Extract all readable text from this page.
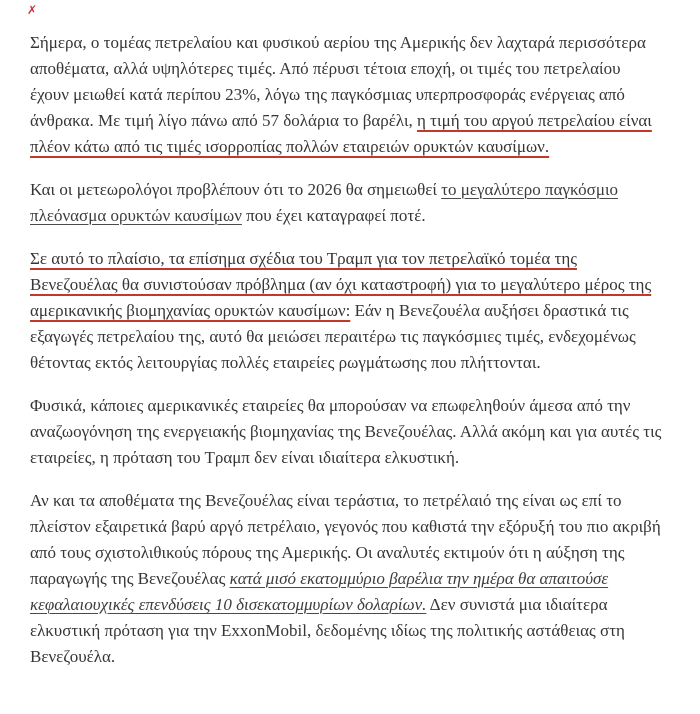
✗

Σήμερα, ο τομέας πετρελαίου και φυσικού αερίου της Αμερικής δεν λαχταρά περισσότερα αποθέματα, αλλά υψηλότερες τιμές. Από πέρυσι τέτοια εποχή, οι τιμές του πετρελαίου έχουν μειωθεί κατά περίπου 23%, λόγω της παγκόσμιας υπερπροσφοράς ενέργειας από άνθρακα. Με τιμή λίγο πάνω από 57 δολάρια το βαρέλι, η τιμή του αργού πετρελαίου είναι πλέον κάτω από τις τιμές ισορροπίας πολλών εταιρειών ορυκτών καυσίμων.

Και οι μετεωρολόγοι προβλέπουν ότι το 2026 θα σημειωθεί το μεγαλύτερο παγκόσμιο πλεόνασμα ορυκτών καυσίμων που έχει καταγραφεί ποτέ.

Σε αυτό το πλαίσιο, τα επίσημα σχέδια του Τραμπ για τον πετρελαϊκό τομέα της Βενεζουέλας θα συνιστούσαν πρόβλημα (αν όχι καταστροφή) για το μεγαλύτερο μέρος της αμερικανικής βιομηχανίας ορυκτών καυσίμων: Εάν η Βενεζουέλα αυξήσει δραστικά τις εξαγωγές πετρελαίου της, αυτό θα μειώσει περαιτέρω τις παγκόσμιες τιμές, ενδεχομένως θέτοντας εκτός λειτουργίας πολλές εταιρείες ρωγμάτωσης που πλήττονται.

Φυσικά, κάποιες αμερικανικές εταιρείες θα μπορούσαν να επωφεληθούν άμεσα από την αναζωογόνηση της ενεργειακής βιομηχανίας της Βενεζουέλας. Αλλά ακόμη και για αυτές τις εταιρείες, η πρόταση του Τραμπ δεν είναι ιδιαίτερα ελκυστική.

Αν και τα αποθέματα της Βενεζουέλας είναι τεράστια, το πετρέλαιό της είναι ως επί το πλείστον εξαιρετικά βαρύ αργό πετρέλαιο, γεγονός που καθιστά την εξόρυξή του πιο ακριβή από τους σχιστολιθικούς πόρους της Αμερικής. Οι αναλυτές εκτιμούν ότι η αύξηση της παραγωγής της Βενεζουέλας κατά μισό εκατομμύριο βαρέλια την ημέρα θα απαιτούσε κεφαλαιουχικές επενδύσεις 10 δισεκατομμυρίων δολαρίων. Δεν συνιστά μια ιδιαίτερα ελκυστική πρόταση για την ExxonMobil, δεδομένης ιδίως της πολιτικής αστάθειας στη Βενεζουέλα.
